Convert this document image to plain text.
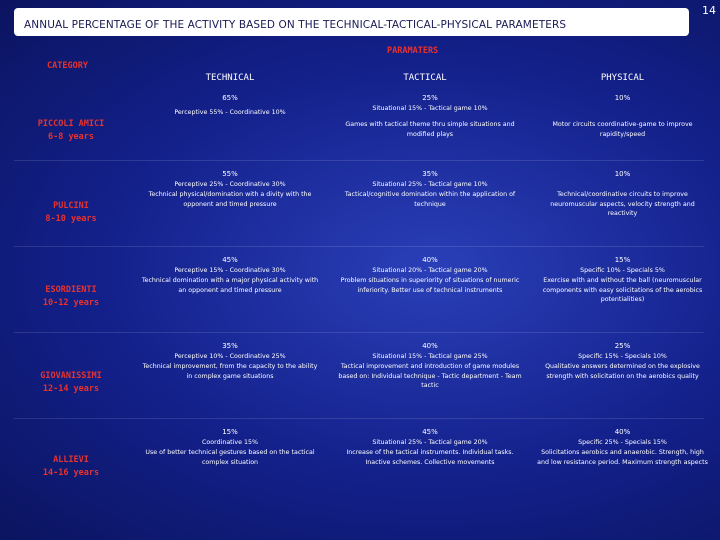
ANNUAL PERCENTAGE OF THE ACTIVITY BASED ON THE TECHNICAL-TACTICAL-PHYSICAL PARAMETERS
14
PARAMATERS
CATEGORY
TECHNICAL	TACTICAL	PHYSICAL
PICCOLI AMICI
6-8 years
65%
Perceptive 55% - Coordinative 10%
25%
Situational 15% - Tactical game 10%
Games with tactical theme thru simple situations and modified plays
10%
Motor circuits coordinative-game to improve rapidity/speed
PULCINI
8-10 years
55%
Perceptive 25% - Coordinative 30%
Technical physical/domination with a divity with the opponent and timed pressure
35%
Situational 25% - Tactical game 10%
Tactical/cognitive domination within the application of technique
10%
Technical/coordinative circuits to improve neuromuscular aspects, velocity strength and reactivity
ESORDIENTI
10-12 years
45%
Perceptive 15% - Coordinative 30%
Technical domination with a major physical activity with an opponent and timed pressure
40%
Situational 20% - Tactical game 20%
Problem situations in superiority of situations of numeric inferiority. Better use of technical instruments
15%
Specific 10% - Specials 5%
Exercise with and without the ball (neuromuscular components with easy solicitations of the aerobics potentialities)
GIOVANISSIMI
12-14 years
35%
Perceptive 10% - Coordinative 25%
Technical improvement, from the capacity to the ability in complex game situations
40%
Situational 15% - Tactical game 25%
Tactical improvement and introduction of game modules based on: Individual technique - Tactic department - Team tactic
25%
Specific 15% - Specials 10%
Qualitative answers determined on the explosive strength with solicitation on the aerobics quality
ALLIEVI
14-16 years
15%
Coordinative 15%
Use of better technical gestures based on the tactical complex situation
45%
Situational 25% - Tactical game 20%
Increase of the tactical instruments. Individual tasks. Inactive schemes. Collective movements
40%
Specific 25% - Specials 15%
Solicitations aerobics and anaerobic. Strength, high and low resistance period. Maximum strength aspects
